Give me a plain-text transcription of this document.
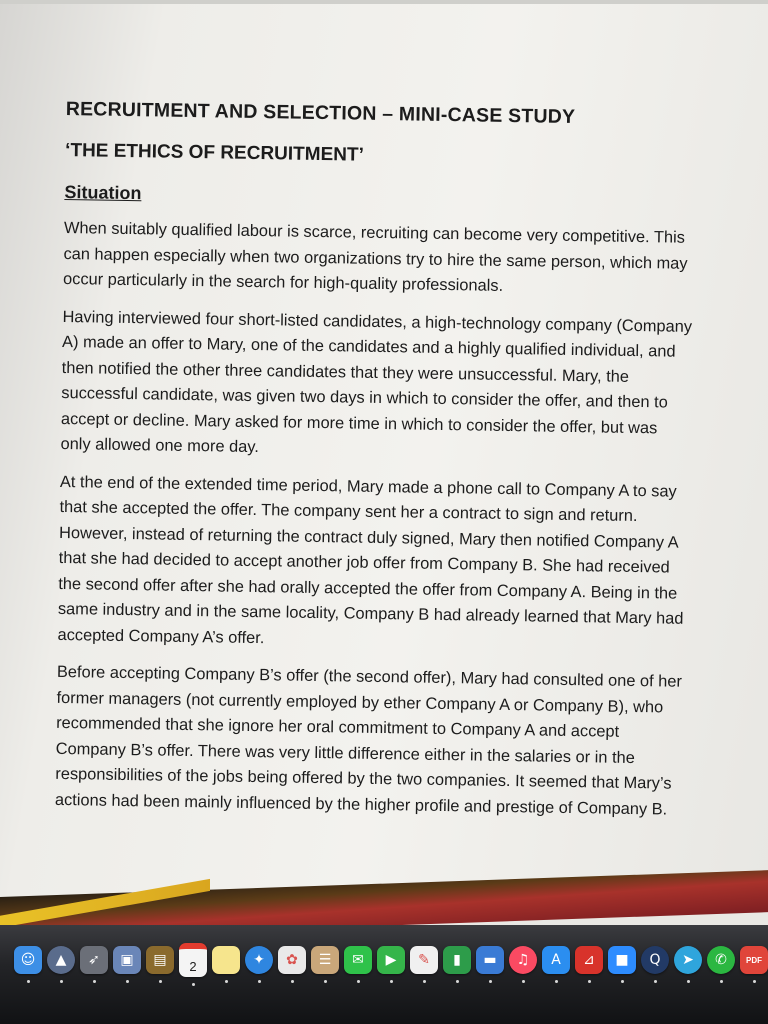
RECRUITMENT AND SELECTION – MINI-CASE STUDY
‘THE ETHICS OF RECRUITMENT’
Situation

When suitably qualified labour is scarce, recruiting can become very competitive. This can happen especially when two organizations try to hire the same person, which may occur particularly in the search for high-quality professionals.

Having interviewed four short-listed candidates, a high-technology company (Company A) made an offer to Mary, one of the candidates and a highly qualified individual, and then notified the other three candidates that they were unsuccessful. Mary, the successful candidate, was given two days in which to consider the offer, and then to accept or decline. Mary asked for more time in which to consider the offer, but was only allowed one more day.

At the end of the extended time period, Mary made a phone call to Company A to say that she accepted the offer. The company sent her a contract to sign and return. However, instead of returning the contract duly signed, Mary then notified Company A that she had decided to accept another job offer from Company B. She had received the second offer after she had orally accepted the offer from Company A. Being in the same industry and in the same locality, Company B had already learned that Mary had accepted Company A’s offer.

Before accepting Company B’s offer (the second offer), Mary had consulted one of her former managers (not currently employed by ether Company A or Company B), who recommended that she ignore her oral commitment to Company A and accept Company B’s offer. There was very little difference either in the salaries or in the responsibilities of the jobs being offered by the two companies. It seemed that Mary’s actions had been mainly influenced by the higher profile and prestige of Company B.

☺ ▲ ➶ ▣ ▤ 2	✦ ✿ ☰ ✉ ▶ ✎ ▮ ▬ ♫ A ⊿ ■ Q ➤ ✆ PDF
